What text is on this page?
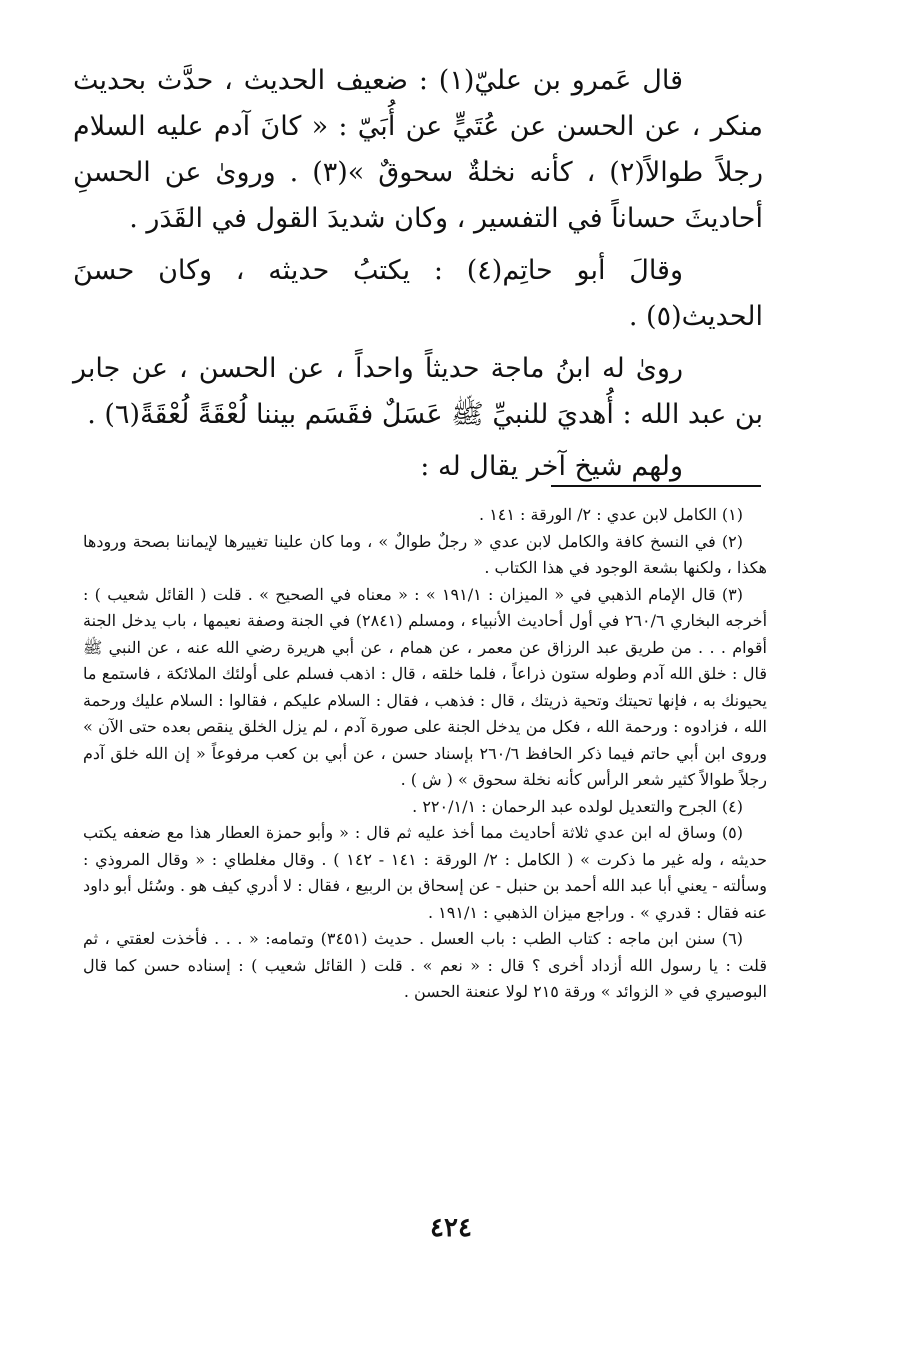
قال عَمرو بن عليّ(١) : ضعيف الحديث ، حدَّث بحديث منكر ، عن الحسن عن عُتَيٍّ عن أُبَيّ : « كانَ آدم عليه السلام رجلاً طوالاً(٢) ، كأنه نخلةٌ سحوقٌ »(٣) . وروىٰ عن الحسنِ أحاديثَ حساناً في التفسير ، وكان شديدَ القول في القَدَر .

وقالَ أبو حاتِم(٤) : يكتبُ حديثه ، وكان حسنَ الحديث(٥) .

روىٰ له ابنُ ماجة حديثاً واحداً ، عن الحسن ، عن جابر بن عبد الله : أُهديَ للنبيِّ ﷺ عَسَلٌ فقَسَم بيننا لُعْقَةً لُعْقَةً(٦) .

ولهم شيخ آخر يقال له :

(١) الكامل لابن عدي : ٢/ الورقة : ١٤١ .

(٢) في النسخ كافة والكامل لابن عدي « رجلٌ طوالٌ » ، وما كان علينا تغييرها لإيماننا بصحة ورودها هكذا ، ولكنها بشعة الوجود في هذا الكتاب .

(٣) قال الإمام الذهبي في « الميزان : ١٩١/١ » : « معناه في الصحيح » . قلت ( القائل شعيب ) : أخرجه البخاري ٢٦٠/٦ في أول أحاديث الأنبياء ، ومسلم (٢٨٤١) في الجنة وصفة نعيمها ، باب يدخل الجنة أقوام . . . من طريق عبد الرزاق عن معمر ، عن همام ، عن أبي هريرة رضي الله عنه ، عن النبي ﷺ قال : خلق الله آدم وطوله ستون ذراعاً ، فلما خلقه ، قال : اذهب فسلم على أولئك الملائكة ، فاستمع ما يحيونك به ، فإنها تحيتك وتحية ذريتك ، قال : فذهب ، فقال : السلام عليكم ، فقالوا : السلام عليك ورحمة الله ، فزادوه : ورحمة الله ، فكل من يدخل الجنة على صورة آدم ، لم يزل الخلق ينقص بعده حتى الآن » وروى ابن أبي حاتم فيما ذكر الحافظ ٢٦٠/٦ بإسناد حسن ، عن أبي بن كعب مرفوعاً « إن الله خلق آدم رجلاً طوالاً كثير شعر الرأس كأنه نخلة سحوق » ( ش ) .

(٤) الجرح والتعديل لولده عبد الرحمان : ٢٢٠/١/١ .

(٥) وساق له ابن عدي ثلاثة أحاديث مما أخذ عليه ثم قال : « وأبو حمزة العطار هذا مع ضعفه يكتب حديثه ، وله غير ما ذكرت » ( الكامل : ٢/ الورقة : ١٤١ - ١٤٢ ) . وقال مغلطاي : « وقال المروذي : وسألته - يعني أبا عبد الله أحمد بن حنبل - عن إسحاق بن الربيع ، فقال : لا أدري كيف هو . وسُئل أبو داود عنه فقال : قدري » . وراجع ميزان الذهبي : ١٩١/١ .

(٦) سنن ابن ماجه : كتاب الطب : باب العسل . حديث (٣٤٥١) وتمامه: « . . . فأخذت لعقتي ، ثم قلت : يا رسول الله أزداد أخرى ؟ قال : « نعم » . قلت ( القائل شعيب ) : إسناده حسن كما قال البوصيري في « الزوائد » ورقة ٢١٥ لولا عنعنة الحسن .

٤٢٤
